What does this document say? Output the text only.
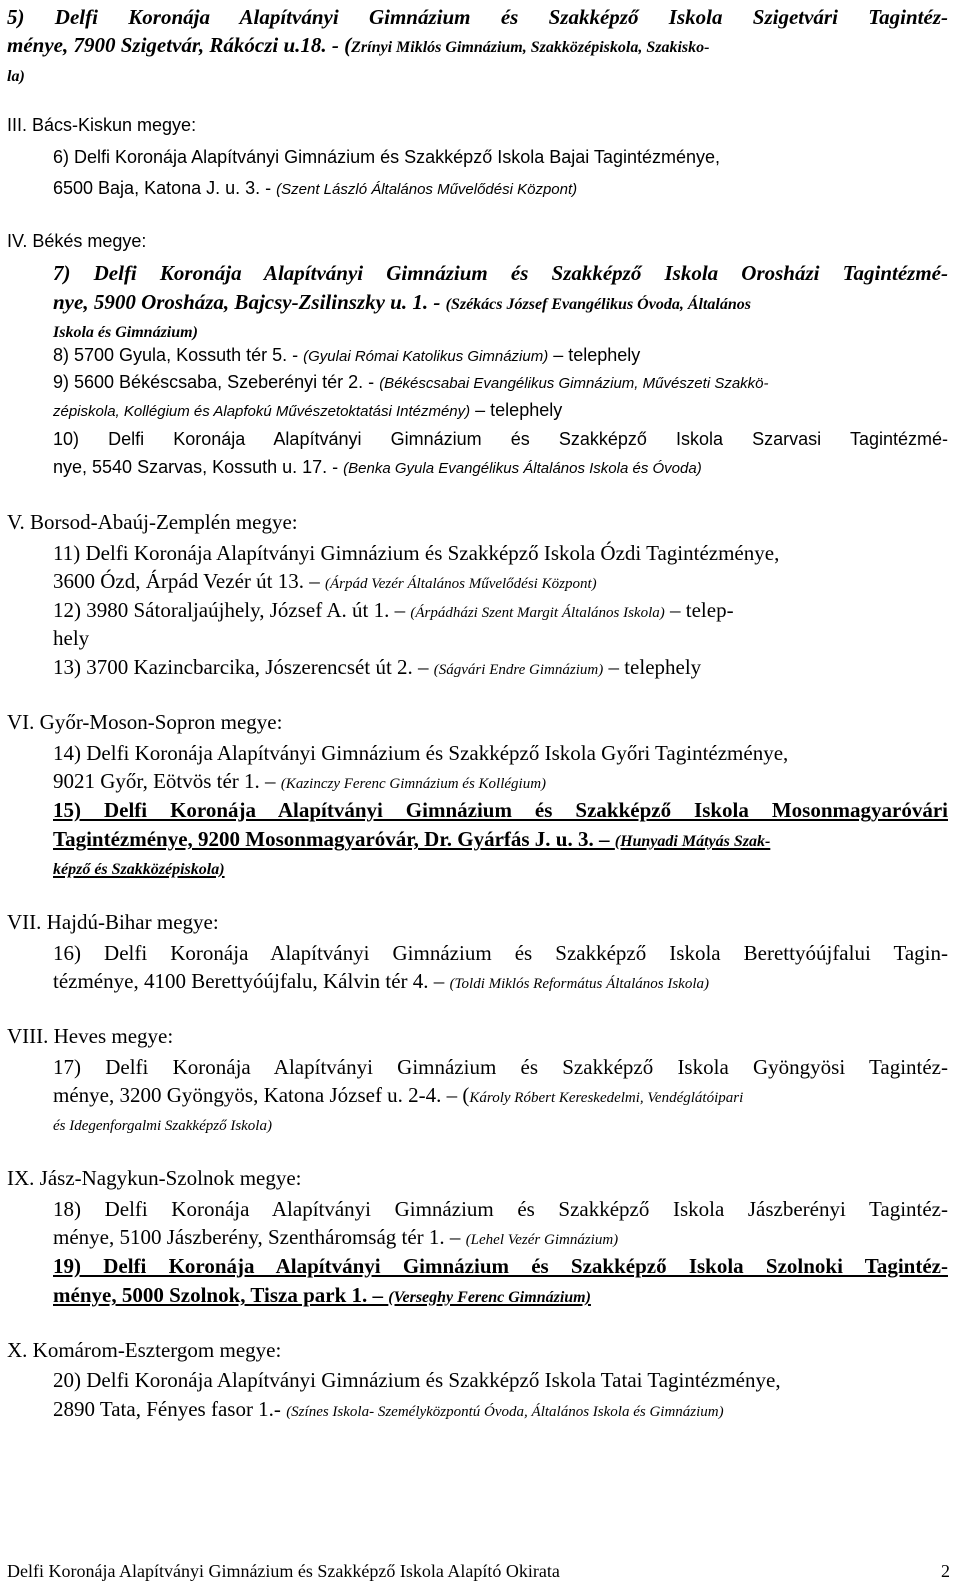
5) Delfi Koronája Alapítványi Gimnázium és Szakképző Iskola Szigetvári Tagintéz-
ménye, 7900 Szigetvár, Rákóczi u.18. - (Zrínyi Miklós Gimnázium, Szakközépiskola, Szakisko-
la)
III. Bács-Kiskun megye:
6) Delfi Koronája Alapítványi Gimnázium és Szakképző Iskola Bajai Tagintézménye,
6500 Baja, Katona J. u. 3. - (Szent László Általános Művelődési Központ)
IV. Békés megye:
7) Delfi Koronája Alapítványi Gimnázium és Szakképző Iskola Orosházi Tagintézmé-
nye, 5900 Orosháza, Bajcsy-Zsilinszky u. 1. - (Székács József Evangélikus Óvoda, Általános
Iskola és Gimnázium)
8) 5700 Gyula, Kossuth tér 5. - (Gyulai Római Katolikus Gimnázium) – telephely
9) 5600 Békéscsaba, Szeberényi tér 2. - (Békéscsabai Evangélikus Gimnázium, Művészeti Szakkö-
zépiskola, Kollégium és Alapfokú Művészetoktatási Intézmény) – telephely
10) Delfi Koronája Alapítványi Gimnázium és Szakképző Iskola Szarvasi Tagintézmé-
nye, 5540 Szarvas, Kossuth u. 17. - (Benka Gyula Evangélikus Általános Iskola és Óvoda)
V. Borsod-Abaúj-Zemplén megye:
11) Delfi Koronája Alapítványi Gimnázium és Szakképző Iskola Ózdi Tagintézménye,
3600 Ózd, Árpád Vezér út 13. – (Árpád Vezér Általános Művelődési Központ)
12) 3980 Sátoraljaújhely, József A. út 1. – (Árpádházi Szent Margit Általános Iskola) – telep-
hely
13) 3700 Kazincbarcika, Jószerencsét út 2. – (Ságvári Endre Gimnázium) – telephely
VI. Győr-Moson-Sopron megye:
14) Delfi Koronája Alapítványi Gimnázium és Szakképző Iskola Győri Tagintézménye,
9021 Győr, Eötvös tér 1. – (Kazinczy Ferenc Gimnázium és Kollégium)
15) Delfi Koronája Alapítványi Gimnázium és Szakképző Iskola Mosonmagyaróvári
Tagintézménye, 9200 Mosonmagyaróvár, Dr. Gyárfás J. u. 3. – (Hunyadi Mátyás Szak-
képző és Szakközépiskola)
VII. Hajdú-Bihar megye:
16) Delfi Koronája Alapítványi Gimnázium és Szakképző Iskola Berettyóújfalui Tagin-
tézménye, 4100 Berettyóújfalu, Kálvin tér 4. – (Toldi Miklós Református Általános Iskola)
VIII. Heves megye:
17) Delfi Koronája Alapítványi Gimnázium és Szakképző Iskola Gyöngyösi Tagintéz-
ménye, 3200 Gyöngyös, Katona József u. 2-4. – (Károly Róbert Kereskedelmi, Vendéglátóipari
és Idegenforgalmi Szakképző Iskola)
IX. Jász-Nagykun-Szolnok megye:
18) Delfi Koronája Alapítványi Gimnázium és Szakképző Iskola Jászberényi Tagintéz-
ménye, 5100 Jászberény, Szentháromság tér 1. – (Lehel Vezér Gimnázium)
19) Delfi Koronája Alapítványi Gimnázium és Szakképző Iskola Szolnoki Tagintéz-
ménye, 5000 Szolnok, Tisza park 1. – (Verseghy Ferenc Gimnázium)
X. Komárom-Esztergom megye:
20) Delfi Koronája Alapítványi Gimnázium és Szakképző Iskola Tatai Tagintézménye,
2890 Tata, Fényes fasor 1.- (Színes Iskola- Személyközpontú Óvoda, Általános Iskola és Gimnázium)
Delfi Koronája Alapítványi Gimnázium és Szakképző Iskola Alapító Okirata	2
